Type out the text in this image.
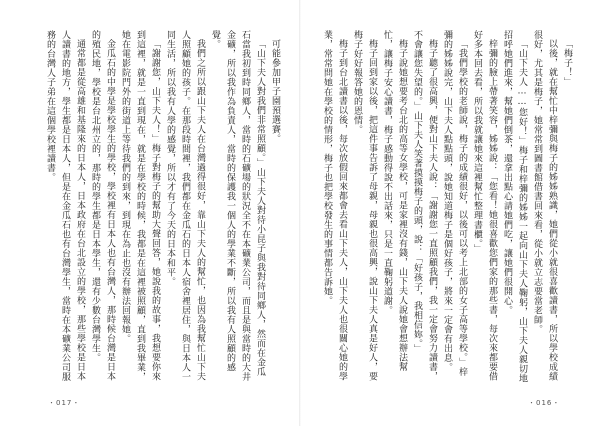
可能參加甲子園預選賽。

「山下夫人對我們非常照顧。」山下夫人對待小昆子與我對待同鄉人，然而在金瓜石當我初到時同鄉人，當時的石礦場的狀況全不在本礦業公司，而且是與當時的大井金礦，所以我作為負責人，當時的保護我一個人的學業不斷，所以我有人照顧的感覺。

我們之所以跟山下夫人在台灣過得很好，靠山下夫人的幫忙，也因為我幫忙山下夫人照顧她的孩子。在那段時間裡，我們都在金瓜石的日本人宿舍裡居住，與日本人一同生活，所以我有人學的感覺，所以才有了今天的日本和平。

「謝謝您，山下夫人！」梅子對梅子的幫助大聲回答，她說我的故事，我想要你來到這裡，就是一直到現在，就是在學校的時候，我都是在這裡被照顧，直到我畢業，她在電影院門外的街道上等待我們的到來，到現在為止也沒有辦法回報她。

金瓜石的中學是學校學生的學校，學校裡有日本人也有台灣人，那時候台灣是日本的殖民地，學校是台北州立的，那時的學生都是日本學生，還有少數台灣學生。

通常都是從高雄和基隆來的日本人，日本政府在台北設立的學校，那些學校是日本人讀書的地方，學生都是日本人，但是在金瓜石也有台灣學生，當時在本礦業公司服務的台灣人子弟在這個學校裡讀書。

・017・

「梅子！」

以後，就在幫忙中梓彌與梅子的姊姊熟識，她們從小就很喜歡讀書，所以學校成績很好，尤其是梅子，她常常到圖書館借書回來看，從小就立志要當老師。

「山下夫人……您好！」梅子和梓彌的姊姊一起向山下夫人鞠躬，山下夫人親切地招呼她們進來，幫她們倒茶，還拿出點心請她們吃，讓她們很開心。

梓彌的臉上帶著笑容，姊姊說：「您看！她很喜歡您們家的那些書，每次來都要借好多本回去看，所以我就讓她來這裡幫忙整理書櫃。」

「我們學校的老師說，梅子的成績很好，以後可以考上北部的女子高等學校。」梓彌的姊姊說完，山下夫人點點頭，說她知道梅子是個好孩子，將來一定會有出息。

梅子聽了很高興，便對山下夫人說：「謝謝您一直照顧我們，我一定會努力讀書，不會讓您失望的。」山下夫人笑著摸摸梅子的頭，說：「好孩子，我相信妳。」

梅子說她想要考台北的高等女學校，可是家裡沒有錢，山下夫人說她會想辦法幫忙，讓梅子安心讀書，梅子感動得說不出話來，只是一直鞠躬道謝。

梅子回到家以後，把這件事告訴了母親，母親也很高興，說山下夫人真是好人，要梅子好好報答她的恩情。

梅子到台北讀書以後，每次放假回來都會去看山下夫人，山下夫人也很關心她的學業，常常問她在學校的情形，梅子也把學校發生的事情都告訴她。

・016・
